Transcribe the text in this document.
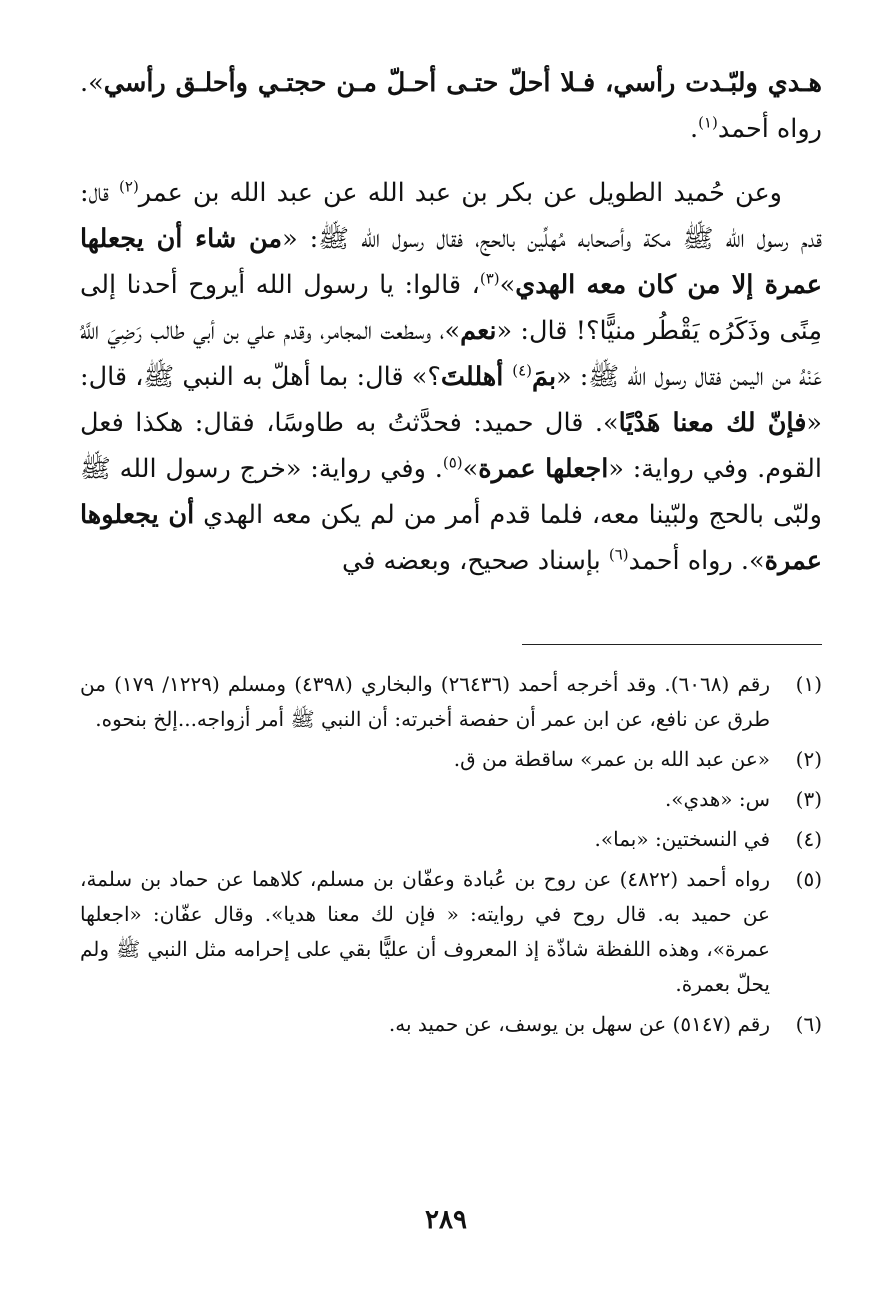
هـدي ولبّـدت رأسي، فـلا أحلّ حتـى أحـلّ مـن حجتـي وأحلـق رأسي». رواه أحمد$^{(١)}$.

وعن حُميد الطويل عن بكر بن عبد الله عن عبد الله بن عمر$^{(٢)}$ قال: قدم رسول الله ﷺ مكة وأصحابه مُهلِّين بالحج، فقال رسول الله ﷺ: «من شاء أن يجعلها عمرة إلا من كان معه الهدي»$^{(٣)}$، قالوا: يا رسول الله أيروح أحدنا إلى مِنًى وذَكَرُه يَقْطُر منيًّا؟! قال: «نعم»، وسطعت المجامر، وقدم علي بن أبي طالب رَضِيَ اللَّهُ عَنْهُ من اليمن فقال رسول الله ﷺ: «بمَ$^{(٤)}$ أهللتَ؟» قال: بما أهلّ به النبي ﷺ، قال: «فإنّ لك معنا هَدْيًا». قال حميد: فحدَّثتُ به طاوسًا، فقال: هكذا فعل القوم. وفي رواية: «اجعلها عمرة»$^{(٥)}$. وفي رواية: «خرج رسول الله ﷺ ولبّى بالحج ولبّينا معه، فلما قدم أمر من لم يكن معه الهدي أن يجعلوها عمرة». رواه أحمد$^{(٦)}$ بإسناد صحيح، وبعضه في

(١)
رقم (٦٠٦٨). وقد أخرجه أحمد (٢٦٤٣٦) والبخاري (٤٣٩٨) ومسلم (١٢٢٩/ ١٧٩) من طرق عن نافع، عن ابن عمر أن حفصة أخبرته: أن النبي ﷺ أمر أزواجه...إلخ بنحوه.
(٢)
«عن عبد الله بن عمر» ساقطة من ق.
(٣)
س: «هدي».
(٤)
في النسختين: «بما».
(٥)
رواه أحمد (٤٨٢٢) عن روح بن عُبادة وعفّان بن مسلم، كلاهما عن حماد بن سلمة، عن حميد به. قال روح في روايته: « فإن لك معنا هديا». وقال عفّان: «اجعلها عمرة»، وهذه اللفظة شاذّة إذ المعروف أن عليًّا بقي على إحرامه مثل النبي ﷺ ولم يحلّ بعمرة.
(٦)
رقم (٥١٤٧) عن سهل بن يوسف، عن حميد به.
٢٨٩
